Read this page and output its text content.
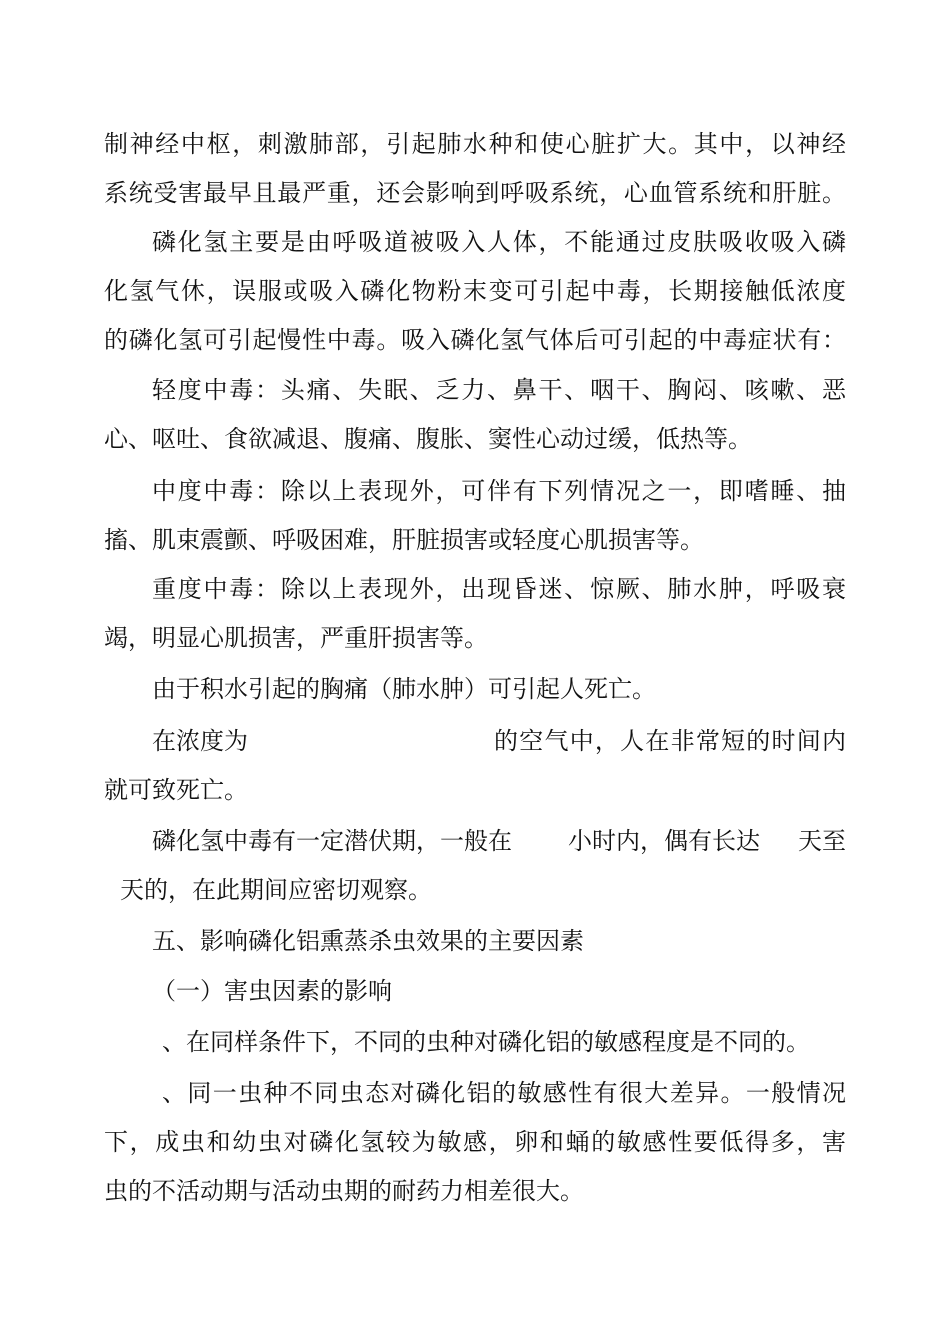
制神经中枢，刺激肺部，引起肺水种和使心脏扩大。其中，以神经
系统受害最早且最严重，还会影响到呼吸系统，心血管系统和肝脏。
磷化氢主要是由呼吸道被吸入人体，不能通过皮肤吸收吸入磷
化氢气休，误服或吸入磷化物粉末变可引起中毒，长期接触低浓度
的磷化氢可引起慢性中毒。吸入磷化氢气体后可引起的中毒症状有：
轻度中毒：头痛、失眠、乏力、鼻干、咽干、胸闷、咳嗽、恶
心、呕吐、食欲减退、腹痛、腹胀、窦性心动过缓，低热等。
中度中毒：除以上表现外，可伴有下列情况之一，即嗜睡、抽
搐、肌束震颤、呼吸困难，肝脏损害或轻度心肌损害等。
重度中毒：除以上表现外，出现昏迷、惊厥、肺水肿，呼吸衰
竭，明显心肌损害，严重肝损害等。
由于积水引起的胸痛（肺水肿）可引起人死亡。
在浓度为	的空气中，人在非常短的时间内
就可致死亡。
磷化氢中毒有一定潜伏期，一般在 小时内，偶有长达 天至
天的，在此期间应密切观察。
五、影响磷化铝熏蒸杀虫效果的主要因素
（一）害虫因素的影响
、在同样条件下，不同的虫种对磷化铝的敏感程度是不同的。
、同一虫种不同虫态对磷化铝的敏感性有很大差异。一般情况
下，成虫和幼虫对磷化氢较为敏感，卵和蛹的敏感性要低得多，害
虫的不活动期与活动虫期的耐药力相差很大。
